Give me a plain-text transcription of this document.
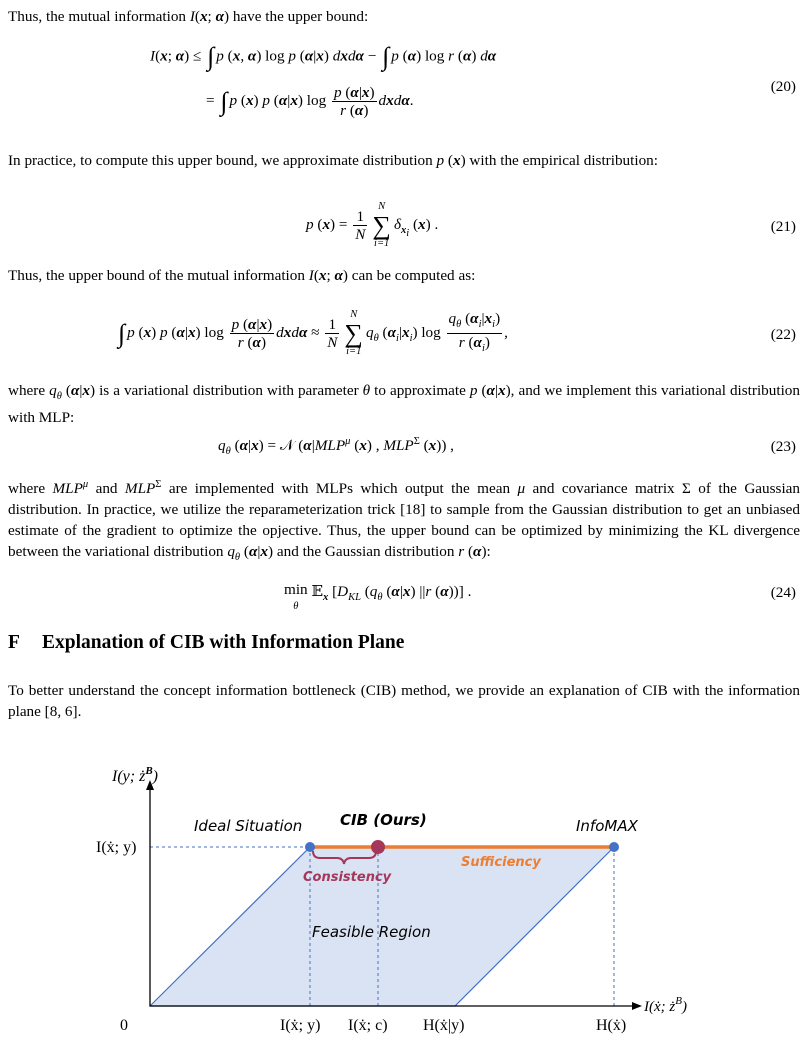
Thus, the mutual information I(x; α) have the upper bound:
I(x; α) ≤ ∫ p (x, α) log p (α|x) dxdα − ∫ p (α) log r (α) dα
= ∫ p (x) p (α|x) $\log \frac{p (\alpha|x)}{r (\alpha)} dxd\alpha$.
(20)
In practice, to compute this upper bound, we approximate distribution p (x) with the empirical distribution:
p $(x) = \frac{1}{N}$
N
∑
i=1
$\delta_{x_i}$ (x) .	(21)
Thus, the upper bound of the mutual information I(x; α) can be computed as:
∫ p (x) p (α|x) $\log \frac{p (\alpha|x)}{r (\alpha)}$ $dxd\alpha \approx \frac{1}{N}$
N
∑
i=1
$q_\theta$ $(\alpha_i|x_i)$ $\log \frac{q_\theta (\alpha_i|x_i)}{r (\alpha_i)}$ ,	(22)
where $q_\theta$ (α|x) is a variational distribution with parameter θ to approximate p (α|x), and we implement this variational distribution with MLP:
$q_\theta$ (α|x) = 𝒩 ($\alpha|MLP^\mu$ (x) , $MLP^\Sigma$ (x)) ,	(23)
where $MLP^\mu$ and $MLP^\Sigma$ are implemented with MLPs which output the mean μ and covariance matrix Σ of the Gaussian distribution. In practice, we utilize the reparameterization trick [18] to sample from the Gaussian distribution to get an unbiased estimate of the gradient to optimize the opjective. Thus, the upper bound can be optimized by minimizing the KL divergence between the variational distribution $q_\theta$ (α|x) and the Gaussian distribution r (α):
min
θ 𝔼$_x$ [$D_{KL}$ ($q_\theta$ (α|x) ||r (α))] .	(24)
F Explanation of CIB with Information Plane
To better understand the concept information bottleneck (CIB) method, we provide an explanation of CIB with the information plane [8, 6].
I(y; $ż^B$)
I(ẋ; y)
0	I(ẋ; y) I(ẋ; c) H(ẋ|y)	H(ẋ)
I(ẋ; $ż^B$)
Ideal Situation	CIB (Ours)	InfoMAX
Consistency
Sufficiency
Feasible Region
